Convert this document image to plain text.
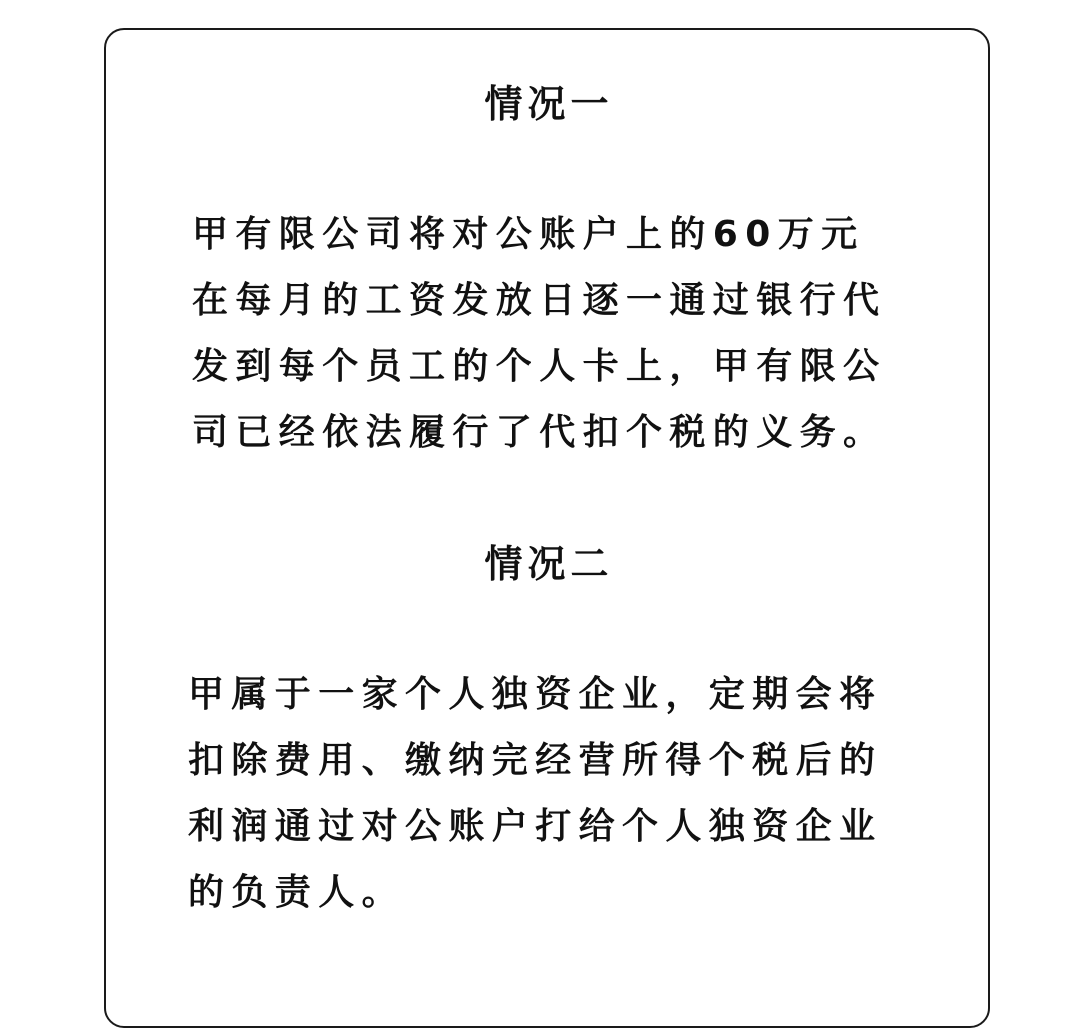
情况一

甲有限公司将对公账户上的60万元
在每月的工资发放日逐一通过银行代
发到每个员工的个人卡上，甲有限公
司已经依法履行了代扣个税的义务。

情况二

甲属于一家个人独资企业，定期会将
扣除费用、缴纳完经营所得个税后的
利润通过对公账户打给个人独资企业
的负责人。
